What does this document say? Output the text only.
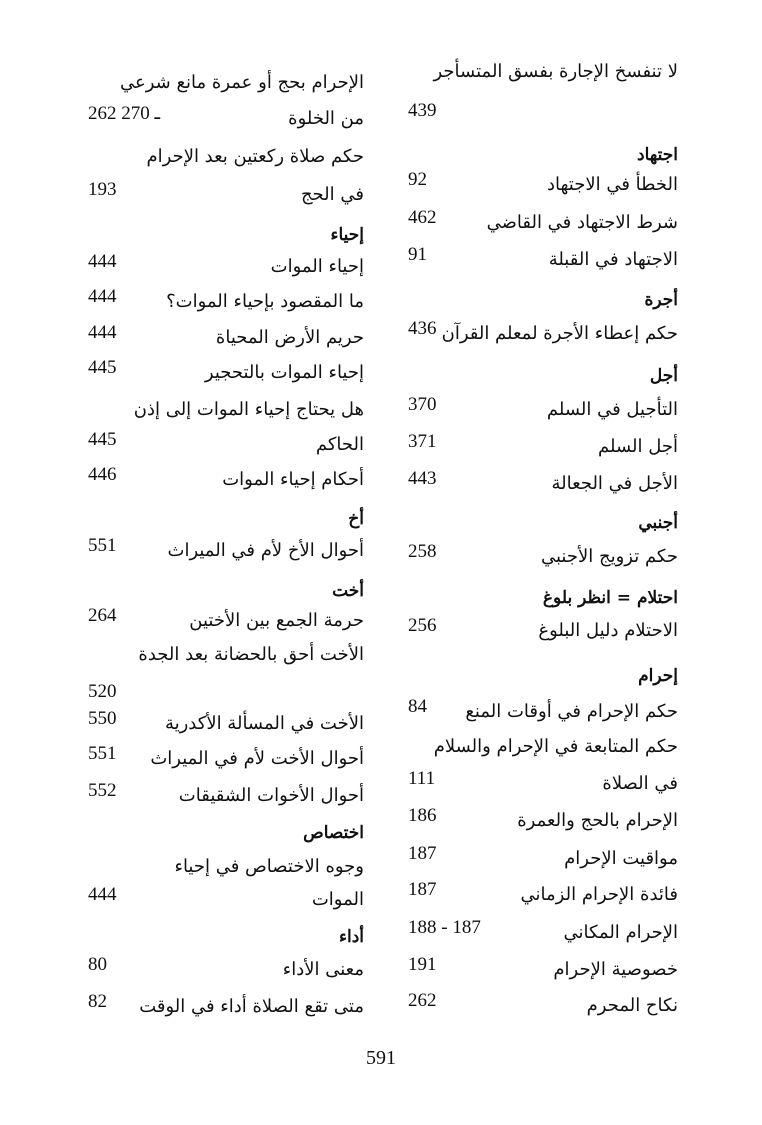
لا تنفسخ الإجارة بفسق المتسأجر
439
اجتهاد
الخطأ في الاجتهاد
92
شرط الاجتهاد في القاضي
462
الاجتهاد في القبلة
91
أجرة
حكم إعطاء الأجرة لمعلم القرآن
436
أجل
التأجيل في السلم
370
أجل السلم
371
الأجل في الجعالة
443
أجنبي
حكم تزويج الأجنبي
258
احتلام = انظر بلوغ
الاحتلام دليل البلوغ
256
إحرام
حكم الإحرام في أوقات المنع
84
حكم المتابعة في الإحرام والسلام
في الصلاة
111
الإحرام بالحج والعمرة
186
مواقيت الإحرام
187
فائدة الإحرام الزماني
187
الإحرام المكاني
188 - 187
خصوصية الإحرام
191
نكاح المحرم
262
الإحرام بحج أو عمرة مانع شرعي
من الخلوة
262 ـ 270
حكم صلاة ركعتين بعد الإحرام
في الحج
193
إحياء
إحياء الموات
444
ما المقصود بإحياء الموات؟
444
حريم الأرض المحياة
444
إحياء الموات بالتحجير
445
هل يحتاج إحياء الموات إلى إذن
الحاكم
445
أحكام إحياء الموات
446
أخ
أحوال الأخ لأم في الميراث
551
أخت
حرمة الجمع بين الأختين
264
الأخت أحق بالحضانة بعد الجدة
520
الأخت في المسألة الأكدرية
550
أحوال الأخت لأم في الميراث
551
أحوال الأخوات الشقيقات
552
اختصاص
وجوه الاختصاص في إحياء
الموات
444
أداء
معنى الأداء
80
متى تقع الصلاة أداء في الوقت
82
591
